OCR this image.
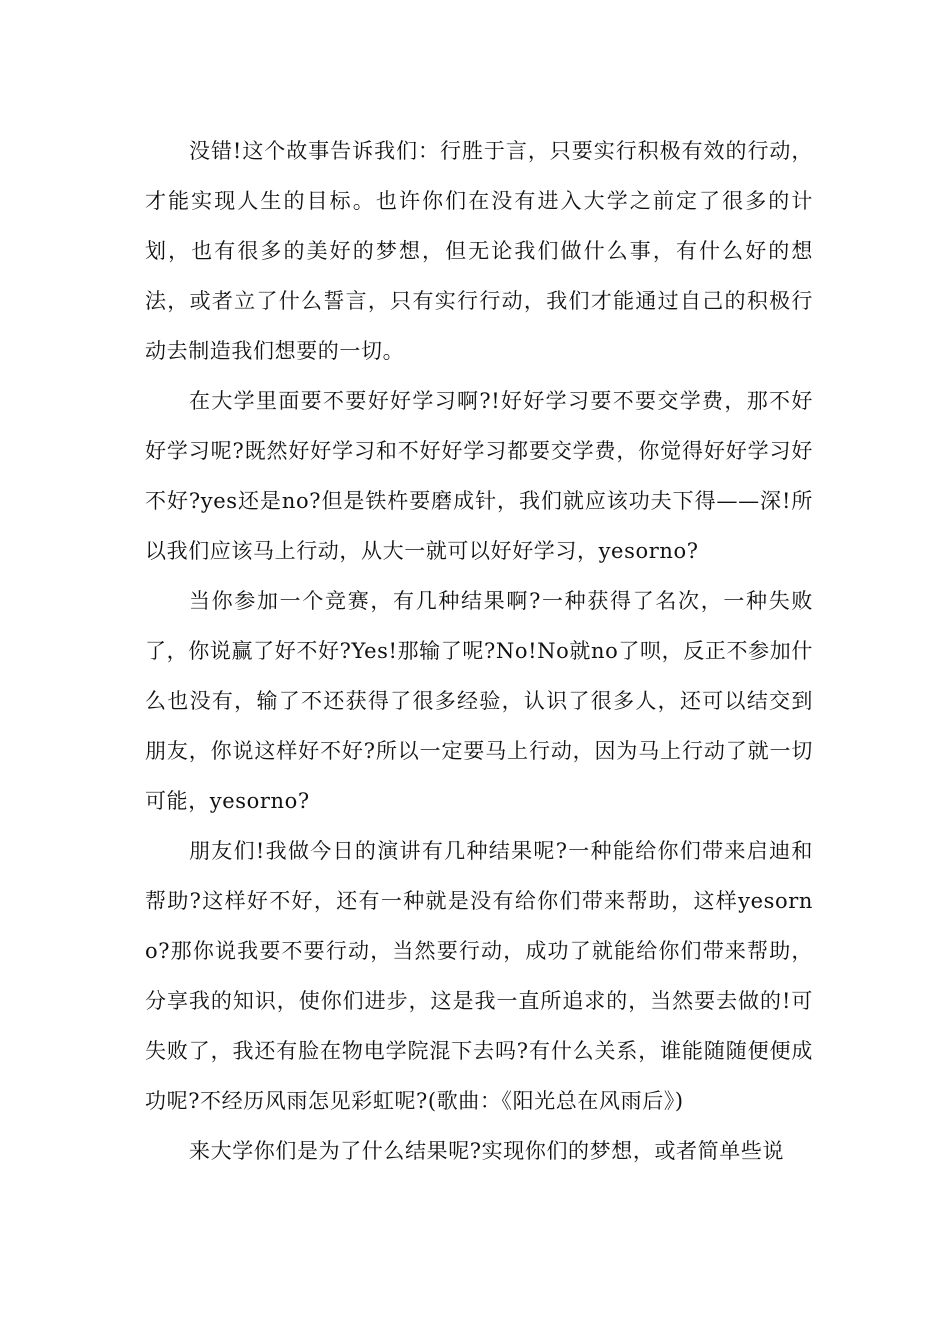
没错!这个故事告诉我们：行胜于言，只要实行积极有效的行动，才能实现人生的目标。也许你们在没有进入大学之前定了很多的计划，也有很多的美好的梦想，但无论我们做什么事，有什么好的想法，或者立了什么誓言，只有实行行动，我们才能通过自己的积极行动去制造我们想要的一切。

在大学里面要不要好好学习啊?!好好学习要不要交学费，那不好好学习呢?既然好好学习和不好好学习都要交学费，你觉得好好学习好不好?yes还是no?但是铁杵要磨成针，我们就应该功夫下得——深!所以我们应该马上行动，从大一就可以好好学习，yesorno?

当你参加一个竞赛，有几种结果啊?一种获得了名次，一种失败了，你说赢了好不好?Yes!那输了呢?No!No就no了呗，反正不参加什么也没有，输了不还获得了很多经验，认识了很多人，还可以结交到朋友，你说这样好不好?所以一定要马上行动，因为马上行动了就一切可能，yesorno?

朋友们!我做今日的演讲有几种结果呢?一种能给你们带来启迪和帮助?这样好不好，还有一种就是没有给你们带来帮助，这样yesorno?那你说我要不要行动，当然要行动，成功了就能给你们带来帮助，分享我的知识，使你们进步，这是我一直所追求的，当然要去做的!可失败了，我还有脸在物电学院混下去吗?有什么关系，谁能随随便便成功呢?不经历风雨怎见彩虹呢?(歌曲：《阳光总在风雨后》)

来大学你们是为了什么结果呢?实现你们的梦想，或者简单些说
